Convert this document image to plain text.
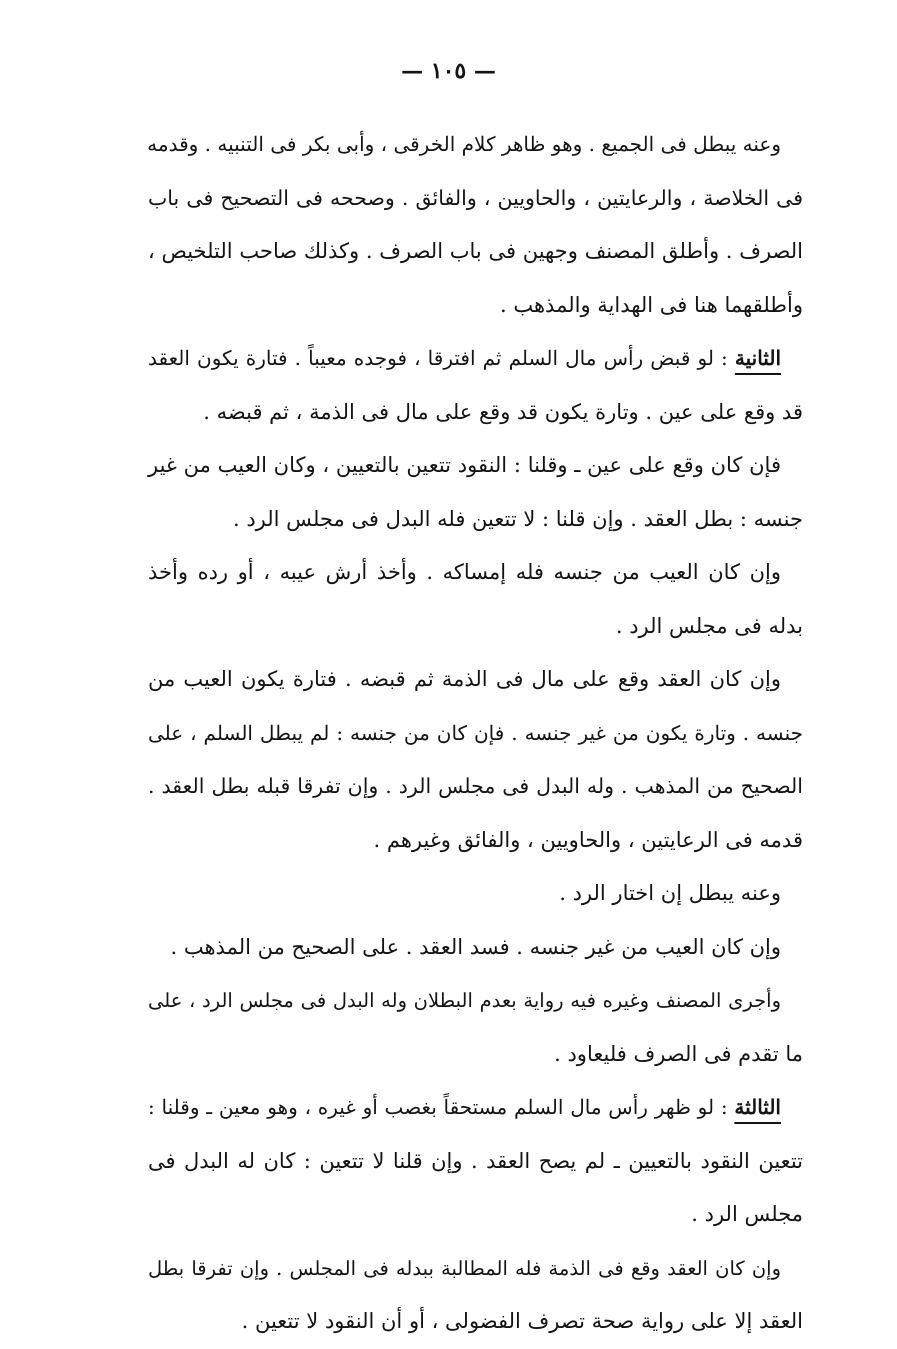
— ١٠٥ —
وعنه يبطل فى الجميع . وهو ظاهر كلام الخرقى ، وأبى بكر فى التنبيه . وقدمه
فى الخلاصة ، والرعايتين ، والحاويين ، والفائق . وصححه فى التصحيح فى باب
الصرف . وأطلق المصنف وجهين فى باب الصرف . وكذلك صاحب التلخيص ،
وأطلقهما هنا فى الهداية والمذهب .
الثانية : لو قبض رأس مال السلم ثم افترقا ، فوجده معيباً . فتارة يكون العقد
قد وقع على عين . وتارة يكون قد وقع على مال فى الذمة ، ثم قبضه .
فإن كان وقع على عين ـ وقلنا : النقود تتعين بالتعيين ، وكان العيب من غير
جنسه : بطل العقد . وإن قلنا : لا تتعين فله البدل فى مجلس الرد .
وإن كان العيب من جنسه فله إمساكه . وأخذ أرش عيبه ، أو رده وأخذ
بدله فى مجلس الرد .
وإن كان العقد وقع على مال فى الذمة ثم قبضه . فتارة يكون العيب من
جنسه . وتارة يكون من غير جنسه . فإن كان من جنسه : لم يبطل السلم ، على
الصحيح من المذهب . وله البدل فى مجلس الرد . وإن تفرقا قبله بطل العقد .
قدمه فى الرعايتين ، والحاويين ، والفائق وغيرهم .
وعنه يبطل إن اختار الرد .
وإن كان العيب من غير جنسه . فسد العقد . على الصحيح من المذهب .
وأجرى المصنف وغيره فيه رواية بعدم البطلان وله البدل فى مجلس الرد ، على
ما تقدم فى الصرف فليعاود .
الثالثة : لو ظهر رأس مال السلم مستحقاً بغصب أو غيره ، وهو معين ـ وقلنا :
تتعين النقود بالتعيين ـ لم يصح العقد . وإن قلنا لا تتعين : كان له البدل فى
مجلس الرد .
وإن كان العقد وقع فى الذمة فله المطالبة ببدله فى المجلس . وإن تفرقا بطل
العقد إلا على رواية صحة تصرف الفضولى ، أو أن النقود لا تتعين .
